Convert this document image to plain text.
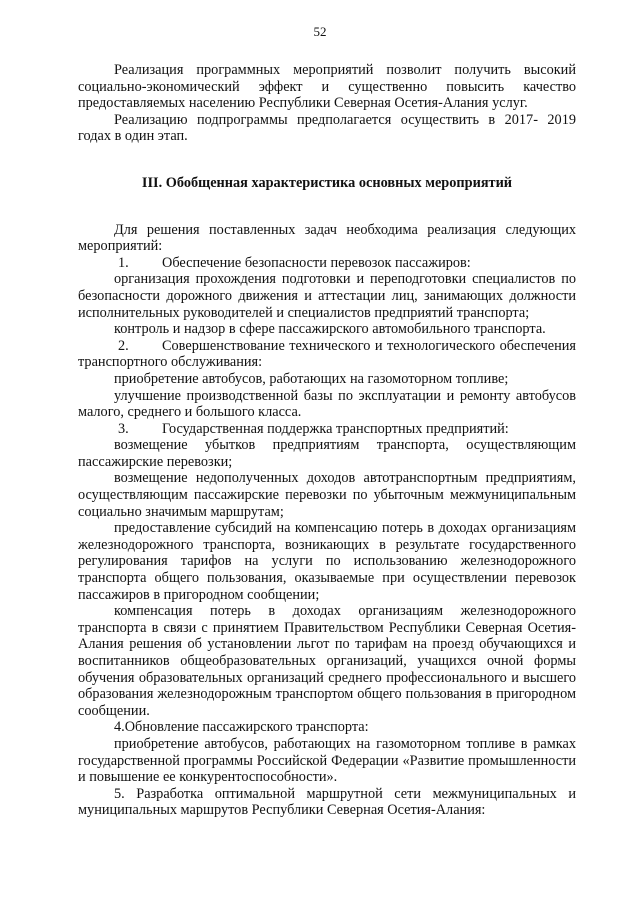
52

Реализация программных мероприятий позволит получить высокий социально-экономический эффект и существенно повысить качество предоставляемых населению Республики Северная Осетия-Алания услуг.

Реализацию подпрограммы предполагается осуществить в 2017- 2019 годах в один этап.

III. Обобщенная характеристика основных мероприятий

Для решения поставленных задач необходима реализация следующих мероприятий:

1. Обеспечение безопасности перевозок пассажиров:

организация прохождения подготовки и переподготовки специалистов по безопасности дорожного движения и аттестации лиц, занимающих должности исполнительных руководителей и специалистов предприятий транспорта;

контроль и надзор в сфере пассажирского автомобильного транспорта.

2. Совершенствование технического и технологического обеспечения транспортного обслуживания:

приобретение автобусов, работающих на газомоторном топливе;

улучшение производственной базы по эксплуатации и ремонту автобусов малого, среднего и большого класса.

3. Государственная поддержка транспортных предприятий:

возмещение убытков предприятиям транспорта, осуществляющим пассажирские перевозки;

возмещение недополученных доходов автотранспортным предприятиям, осуществляющим пассажирские перевозки по убыточным межмуниципальным социально значимым маршрутам;

предоставление субсидий на компенсацию потерь в доходах организациям железнодорожного транспорта, возникающих в результате государственного регулирования тарифов на услуги по использованию железнодорожного транспорта общего пользования, оказываемые при осуществлении перевозок пассажиров в пригородном сообщении;

компенсация потерь в доходах организациям железнодорожного транспорта в связи с принятием Правительством Республики Северная Осетия-Алания решения об установлении льгот по тарифам на проезд обучающихся и воспитанников общеобразовательных организаций, учащихся очной формы обучения образовательных организаций среднего профессионального и высшего образования железнодорожным транспортом общего пользования в пригородном сообщении.

4.Обновление пассажирского транспорта:

приобретение автобусов, работающих на газомоторном топливе в рамках государственной программы Российской Федерации «Развитие промышленности и повышение ее конкурентоспособности».

5. Разработка оптимальной маршрутной сети межмуниципальных и муниципальных маршрутов Республики Северная Осетия-Алания:
